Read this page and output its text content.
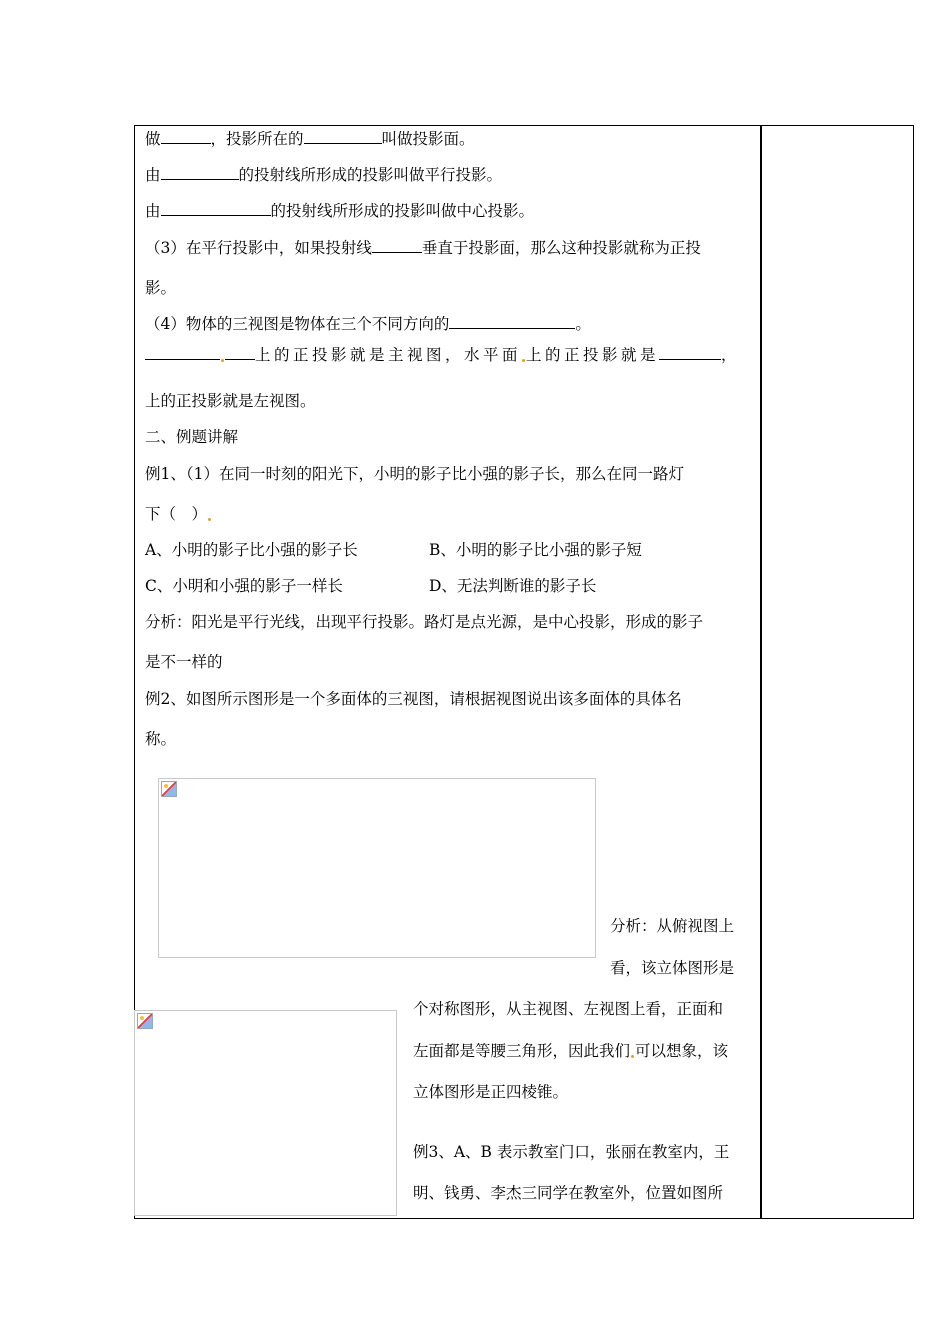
做	，投影所在的	叫做投影面。
由	的投射线所形成的投影叫做平行投影。
由	的投射线所形成的投影叫做中心投影。
（3）在平行投影中，如果投射线	垂直于投影面，那么这种投影就称为正投
影。
（4）物体的三视图是物体在三个不同方向的	。
上的正投影就是主视图，水平面 上的正投影就是	，
上的正投影就是左视图。
二、例题讲解
例1、（1）在同一时刻的阳光下，小明的影子比小强的影子长，那么在同一路灯
下（　）
A、小明的影子比小强的影子长	B、小明的影子比小强的影子短
C、小明和小强的影子一样长	D、无法判断谁的影子长
分析：阳光是平行光线，出现平行投影。路灯是点光源，是中心投影，形成的影子
是不一样的
例2、如图所示图形是一个多面体的三视图，请根据视图说出该多面体的具体名
称。
分析：从俯视图上
看，该立体图形是
个对称图形，从主视图、左视图上看，正面和
左面都是等腰三角形，因此我们 可以想象，该
立体图形是正四棱锥。
例3、A、B 表示教室门口，张丽在教室内，王
明、钱勇、李杰三同学在教室外，位置如图所
